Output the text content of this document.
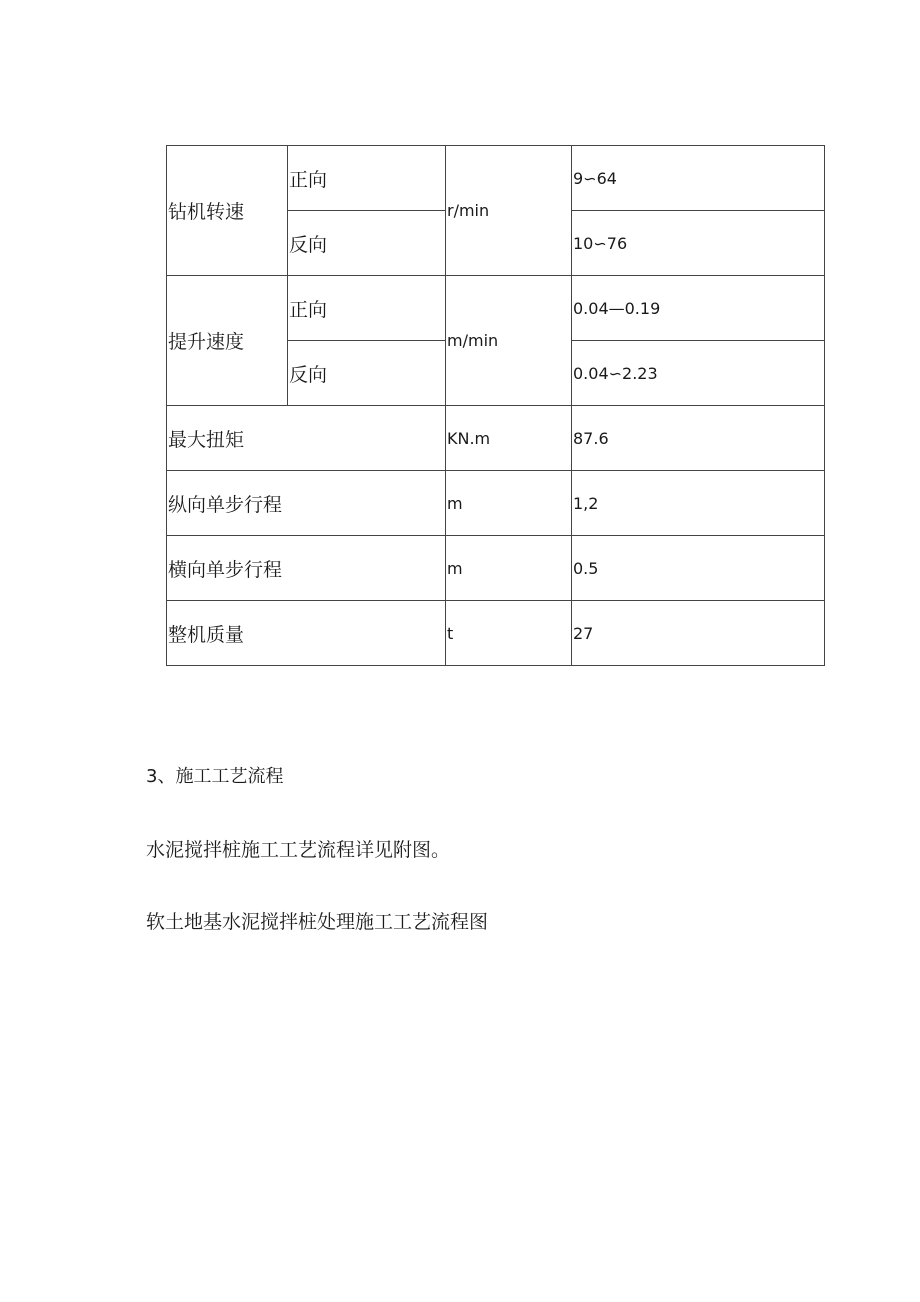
钻机转速	正向	r/min	9∽64
	反向		10∽76
提升速度	正向	m/min	0.04—0.19
	反向		0.04∽2.23
最大扭矩		KN.m	87.6
纵向单步行程		m	1,2
横向单步行程		m	0.5
整机质量		t	27

3、施工工艺流程

水泥搅拌桩施工工艺流程详见附图。

软土地基水泥搅拌桩处理施工工艺流程图
